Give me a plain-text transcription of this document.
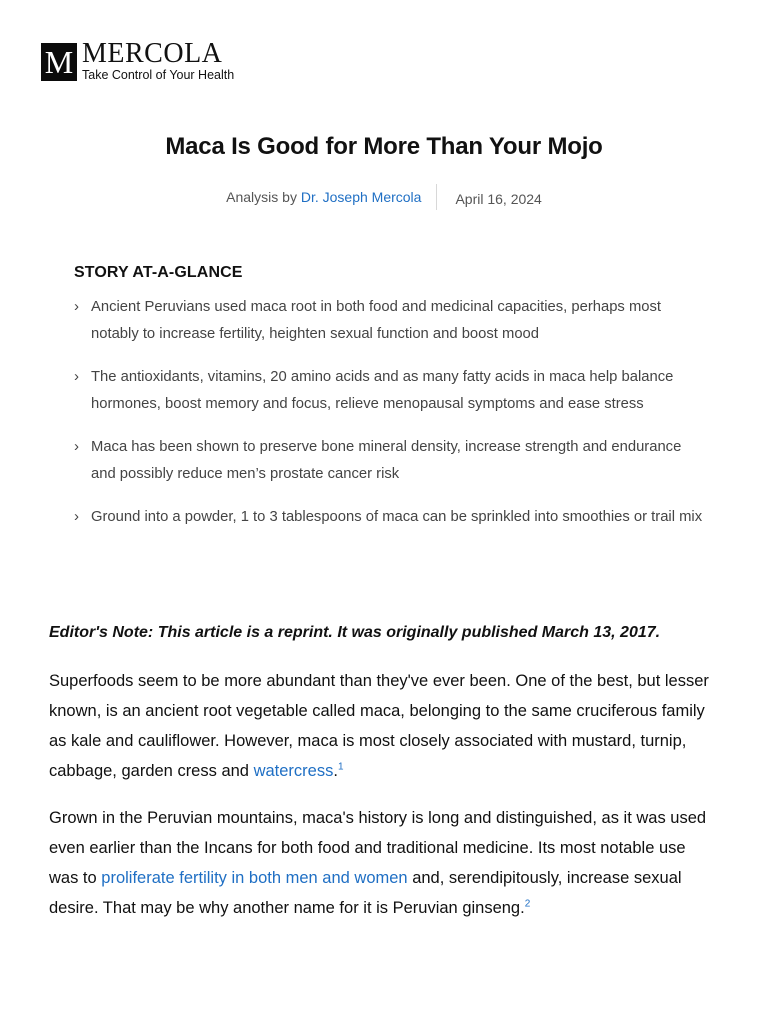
M MERCOLA
Take Control of Your Health
Maca Is Good for More Than Your Mojo
Analysis by Dr. Joseph Mercola April 16, 2024
STORY AT-A-GLANCE
› Ancient Peruvians used maca root in both food and medicinal capacities, perhaps most notably to increase fertility, heighten sexual function and boost mood
› The antioxidants, vitamins, 20 amino acids and as many fatty acids in maca help balance hormones, boost memory and focus, relieve menopausal symptoms and ease stress
› Maca has been shown to preserve bone mineral density, increase strength and endurance and possibly reduce men’s prostate cancer risk
› Ground into a powder, 1 to 3 tablespoons of maca can be sprinkled into smoothies or trail mix

Editor's Note: This article is a reprint. It was originally published March 13, 2017.

Superfoods seem to be more abundant than they've ever been. One of the best, but lesser known, is an ancient root vegetable called maca, belonging to the same cruciferous family as kale and cauliflower. However, maca is most closely associated with mustard, turnip, cabbage, garden cress and watercress.$^1$

Grown in the Peruvian mountains, maca's history is long and distinguished, as it was used even earlier than the Incans for both food and traditional medicine. Its most notable use was to proliferate fertility in both men and women and, serendipitously, increase sexual desire. That may be why another name for it is Peruvian ginseng.$^2$
